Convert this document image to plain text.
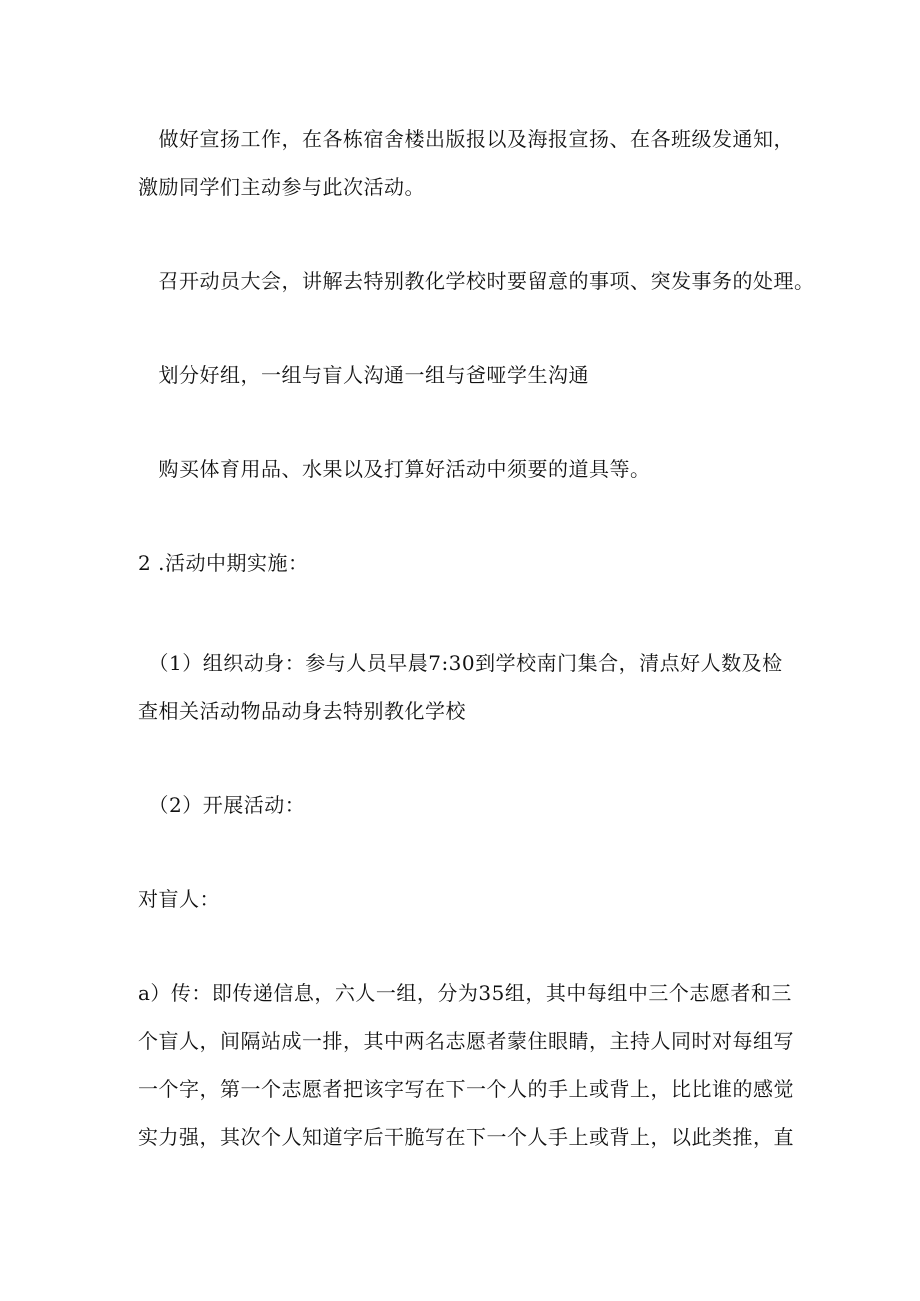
　做好宣扬工作，在各栋宿舍楼出版报以及海报宣扬、在各班级发通知，
激励同学们主动参与此次活动。
　召开动员大会，讲解去特别教化学校时要留意的事项、突发事务的处理。
　划分好组，一组与盲人沟通一组与爸哑学生沟通
　购买体育用品、水果以及打算好活动中须要的道具等。
2 .活动中期实施：
　（1）组织动身：参与人员早晨7:30到学校南门集合，清点好人数及检
查相关活动物品动身去特别教化学校
　（2）开展活动：
对盲人：
a）传：即传递信息，六人一组，分为35组，其中每组中三个志愿者和三
个盲人，间隔站成一排，其中两名志愿者蒙住眼睛，主持人同时对每组写
一个字，第一个志愿者把该字写在下一个人的手上或背上，比比谁的感觉
实力强，其次个人知道字后干脆写在下一个人手上或背上，以此类推，直
